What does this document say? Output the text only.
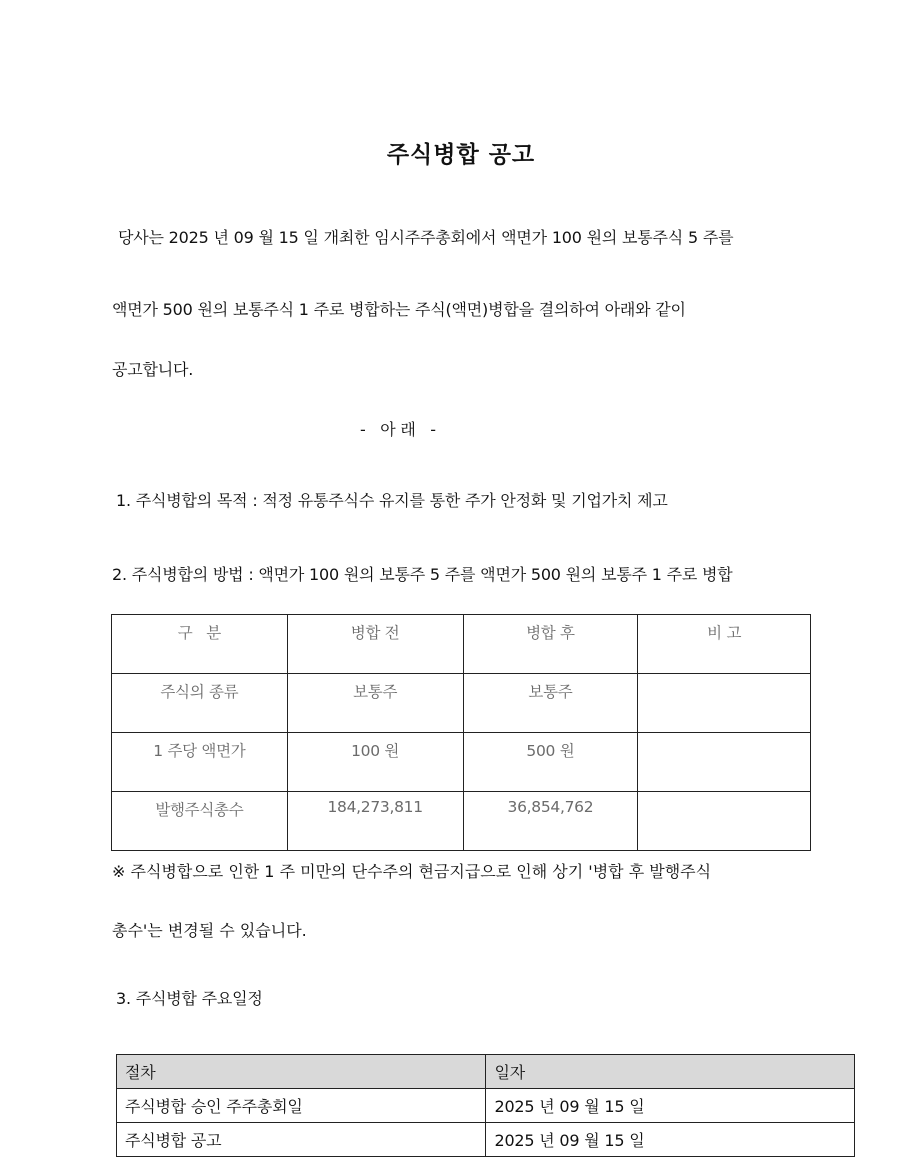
주식병합 공고
당사는 2025 년 09 월 15 일 개최한 임시주주총회에서 액면가 100 원의 보통주식 5 주를
액면가 500 원의 보통주식 1 주로 병합하는 주식(액면)병합을 결의하여 아래와 같이
공고합니다.
-   아 래   -
1. 주식병합의 목적 : 적정 유통주식수 유지를 통한 주가 안정화 및 기업가치 제고
2. 주식병합의 방법 : 액면가 100 원의 보통주 5 주를 액면가 500 원의 보통주 1 주로 병합
구   분	병합 전	병합 후	비 고
주식의 종류	보통주	보통주	
1 주당 액면가	100 원	500 원	
발행주식총수	184,273,811	36,854,762	
※ 주식병합으로 인한 1 주 미만의 단수주의 현금지급으로 인해 상기 '병합 후 발행주식
총수'는 변경될 수 있습니다.
3. 주식병합 주요일정
절차	일자
주식병합 승인 주주총회일	2025 년 09 월 15 일
주식병합 공고	2025 년 09 월 15 일
